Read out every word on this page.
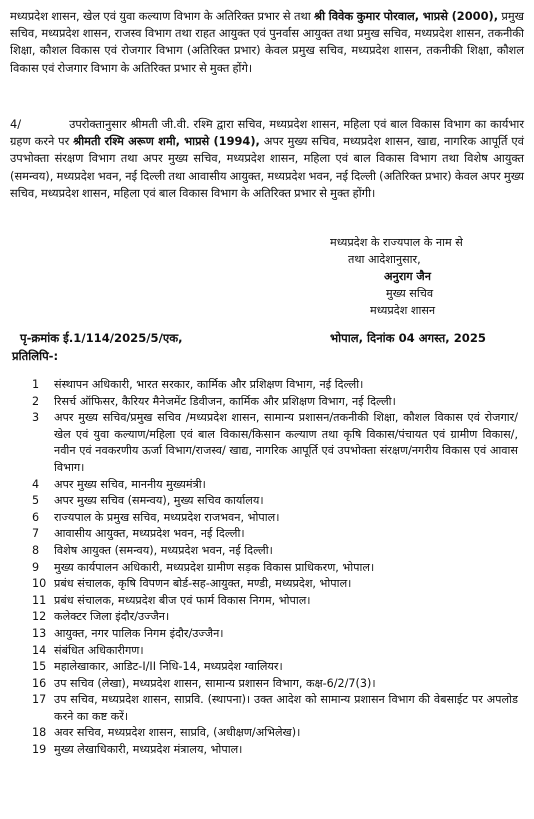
मध्यप्रदेश शासन, खेल एवं युवा कल्याण विभाग के अतिरिक्त प्रभार से तथा श्री विवेक कुमार पोरवाल, भाप्रसे (2000), प्रमुख सचिव, मध्यप्रदेश शासन, राजस्व विभाग तथा राहत आयुक्त एवं पुनर्वास आयुक्त तथा प्रमुख सचिव, मध्यप्रदेश शासन, तकनीकी शिक्षा, कौशल विकास एवं रोजगार विभाग (अतिरिक्त प्रभार) केवल प्रमुख सचिव, मध्यप्रदेश शासन, तकनीकी शिक्षा, कौशल विकास एवं रोजगार विभाग के अतिरिक्त प्रभार से मुक्त होंगे।
4/	उपरोक्तानुसार श्रीमती जी.वी. रश्मि द्वारा सचिव, मध्यप्रदेश शासन, महिला एवं बाल विकास विभाग का कार्यभार ग्रहण करने पर श्रीमती रश्मि अरूण शमी, भाप्रसे (1994), अपर मुख्य सचिव, मध्यप्रदेश शासन, खाद्य, नागरिक आपूर्ति एवं उपभोक्ता संरक्षण विभाग तथा अपर मुख्य सचिव, मध्यप्रदेश शासन, महिला एवं बाल विकास विभाग तथा विशेष आयुक्त (समन्वय), मध्यप्रदेश भवन, नई दिल्ली तथा आवासीय आयुक्त, मध्यप्रदेश भवन, नई दिल्ली (अतिरिक्त प्रभार) केवल अपर मुख्य सचिव, मध्यप्रदेश शासन, महिला एवं बाल विकास विभाग के अतिरिक्त प्रभार से मुक्त होंगी।
मध्यप्रदेश के राज्यपाल के नाम से
तथा आदेशानुसार,
अनुराग जैन
मुख्य सचिव
मध्यप्रदेश शासन
पृ-क्रमांक ई.1/114/2025/5/एक,	भोपाल, दिनांक 04 अगस्त, 2025
प्रतिलिपि-:
1	संस्थापन अधिकारी, भारत सरकार, कार्मिक और प्रशिक्षण विभाग, नई दिल्ली।
2	रिसर्च ऑफिसर, कैरियर मैनेजमेंट डिवीजन, कार्मिक और प्रशिक्षण विभाग, नई दिल्ली।
3	अपर मुख्य सचिव/प्रमुख सचिव /मध्यप्रदेश शासन, सामान्य प्रशासन/तकनीकी शिक्षा, कौशल विकास एवं रोजगार/खेल एवं युवा कल्याण/महिला एवं बाल विकास/किसान कल्याण तथा कृषि विकास/पंचायत एवं ग्रामीण विकास/, नवीन एवं नवकरणीय ऊर्जा विभाग/राजस्व/ खाद्य, नागरिक आपूर्ति एवं उपभोक्ता संरक्षण/नगरीय विकास एवं आवास विभाग।
4	अपर मुख्य सचिव, माननीय मुख्यमंत्री।
5	अपर मुख्य सचिव (समन्वय), मुख्य सचिव कार्यालय।
6	राज्यपाल के प्रमुख सचिव, मध्यप्रदेश राजभवन, भोपाल।
7	आवासीय आयुक्त, मध्यप्रदेश भवन, नई दिल्ली।
8	विशेष आयुक्त (समन्वय), मध्यप्रदेश भवन, नई दिल्ली।
9	मुख्य कार्यपालन अधिकारी, मध्यप्रदेश ग्रामीण सड़क विकास प्राधिकरण, भोपाल।
10 प्रबंध संचालक, कृषि विपणन बोर्ड-सह-आयुक्त, मण्डी, मध्यप्रदेश, भोपाल।
11 प्रबंध संचालक, मध्यप्रदेश बीज एवं फार्म विकास निगम, भोपाल।
12 कलेक्टर जिला इंदौर/उज्जैन।
13 आयुक्त, नगर पालिक निगम इंदौर/उज्जैन।
14 संबंधित अधिकारीगण।
15 महालेखाकार, आडिट-I/II निधि-14, मध्यप्रदेश ग्वालियर।
16 उप सचिव (लेखा), मध्यप्रदेश शासन, सामान्य प्रशासन विभाग, कक्ष-6/2/7(3)।
17 उप सचिव, मध्यप्रदेश शासन, साप्रवि. (स्थापना)। उक्त आदेश को सामान्य प्रशासन विभाग की वेबसाईट पर अपलोड करने का कष्ट करें।
18 अवर सचिव, मध्यप्रदेश शासन, साप्रवि, (अधीक्षण/अभिलेख)।
19 मुख्य लेखाधिकारी, मध्यप्रदेश मंत्रालय, भोपाल।
